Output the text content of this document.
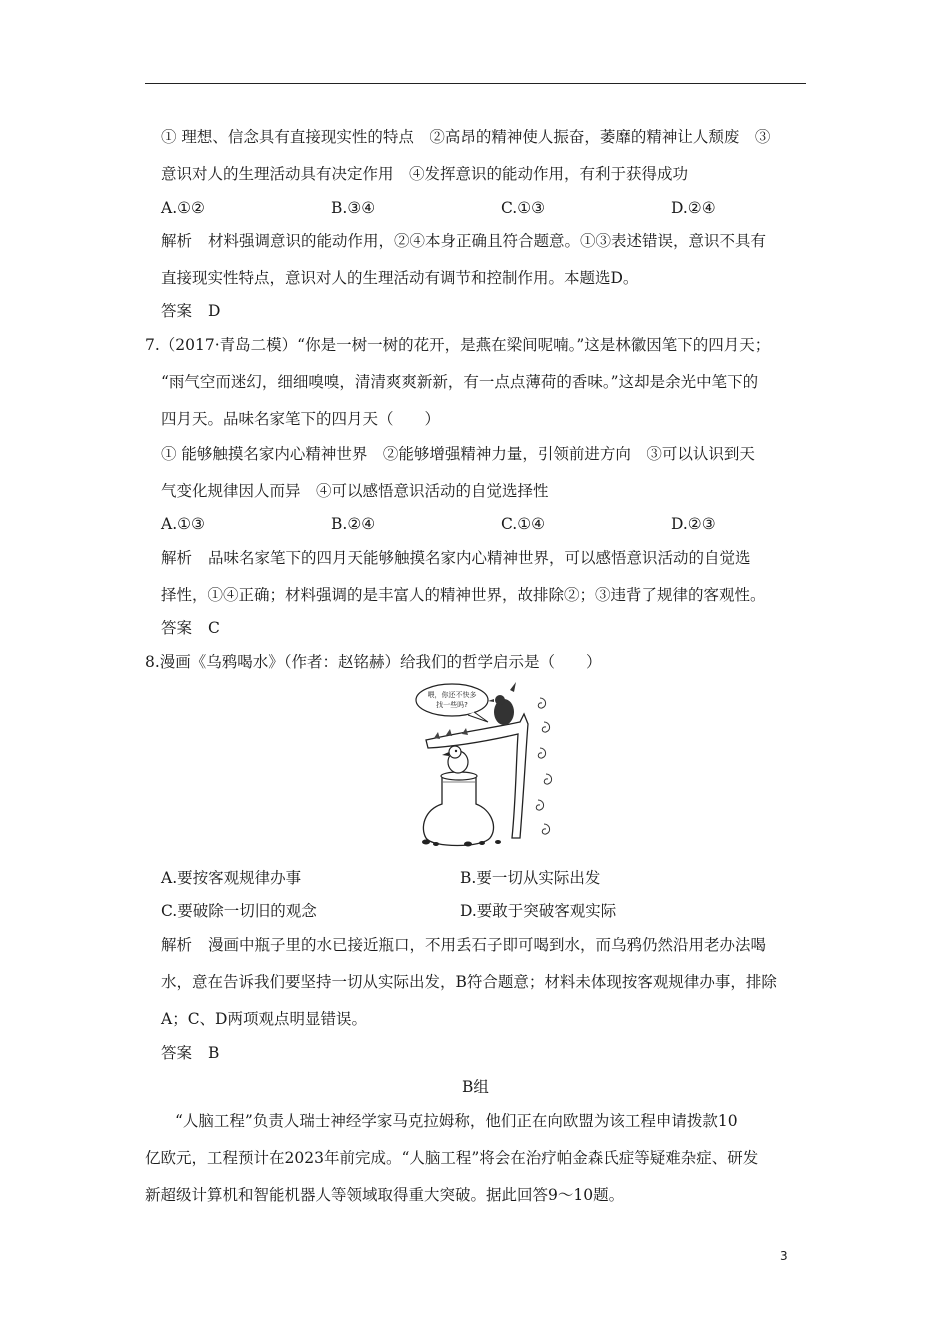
① 理想、信念具有直接现实性的特点　②高昂的精神使人振奋，萎靡的精神让人颓废　③
意识对人的生理活动具有决定作用　④发挥意识的能动作用，有利于获得成功
A.①②	B.③④	C.①③	D.②④
解析 材料强调意识的能动作用，②④本身正确且符合题意。①③表述错误，意识不具有
直接现实性特点，意识对人的生理活动有调节和控制作用。本题选D。
答案 D
7.（2017·青岛二模）“你是一树一树的花开，是燕在梁间呢喃。”这是林徽因笔下的四月天；
“雨气空而迷幻，细细嗅嗅，清清爽爽新新，有一点点薄荷的香味。”这却是余光中笔下的
四月天。品味名家笔下的四月天（　　）
① 能够触摸名家内心精神世界　②能够增强精神力量，引领前进方向　③可以认识到天
气变化规律因人而异　④可以感悟意识活动的自觉选择性
A.①③	B.②④	C.①④	D.②③
解析 品味名家笔下的四月天能够触摸名家内心精神世界，可以感悟意识活动的自觉选
择性，①④正确；材料强调的是丰富人的精神世界，故排除②；③违背了规律的客观性。
答案 C
8.漫画《乌鸦喝水》（作者：赵铭赫）给我们的哲学启示是（　　）
喂，你还不快多
找一些吗?
A.要按客观规律办事	B.要一切从实际出发
C.要破除一切旧的观念	D.要敢于突破客观实际
解析 漫画中瓶子里的水已接近瓶口，不用丢石子即可喝到水，而乌鸦仍然沿用老办法喝
水，意在告诉我们要坚持一切从实际出发，B符合题意；材料未体现按客观规律办事，排除
A；C、D两项观点明显错误。
答案 B
B组
“人脑工程”负责人瑞士神经学家马克拉姆称，他们正在向欧盟为该工程申请拨款10
亿欧元，工程预计在2023年前完成。“人脑工程”将会在治疗帕金森氏症等疑难杂症、研发
新超级计算机和智能机器人等领域取得重大突破。据此回答9～10题。
3
